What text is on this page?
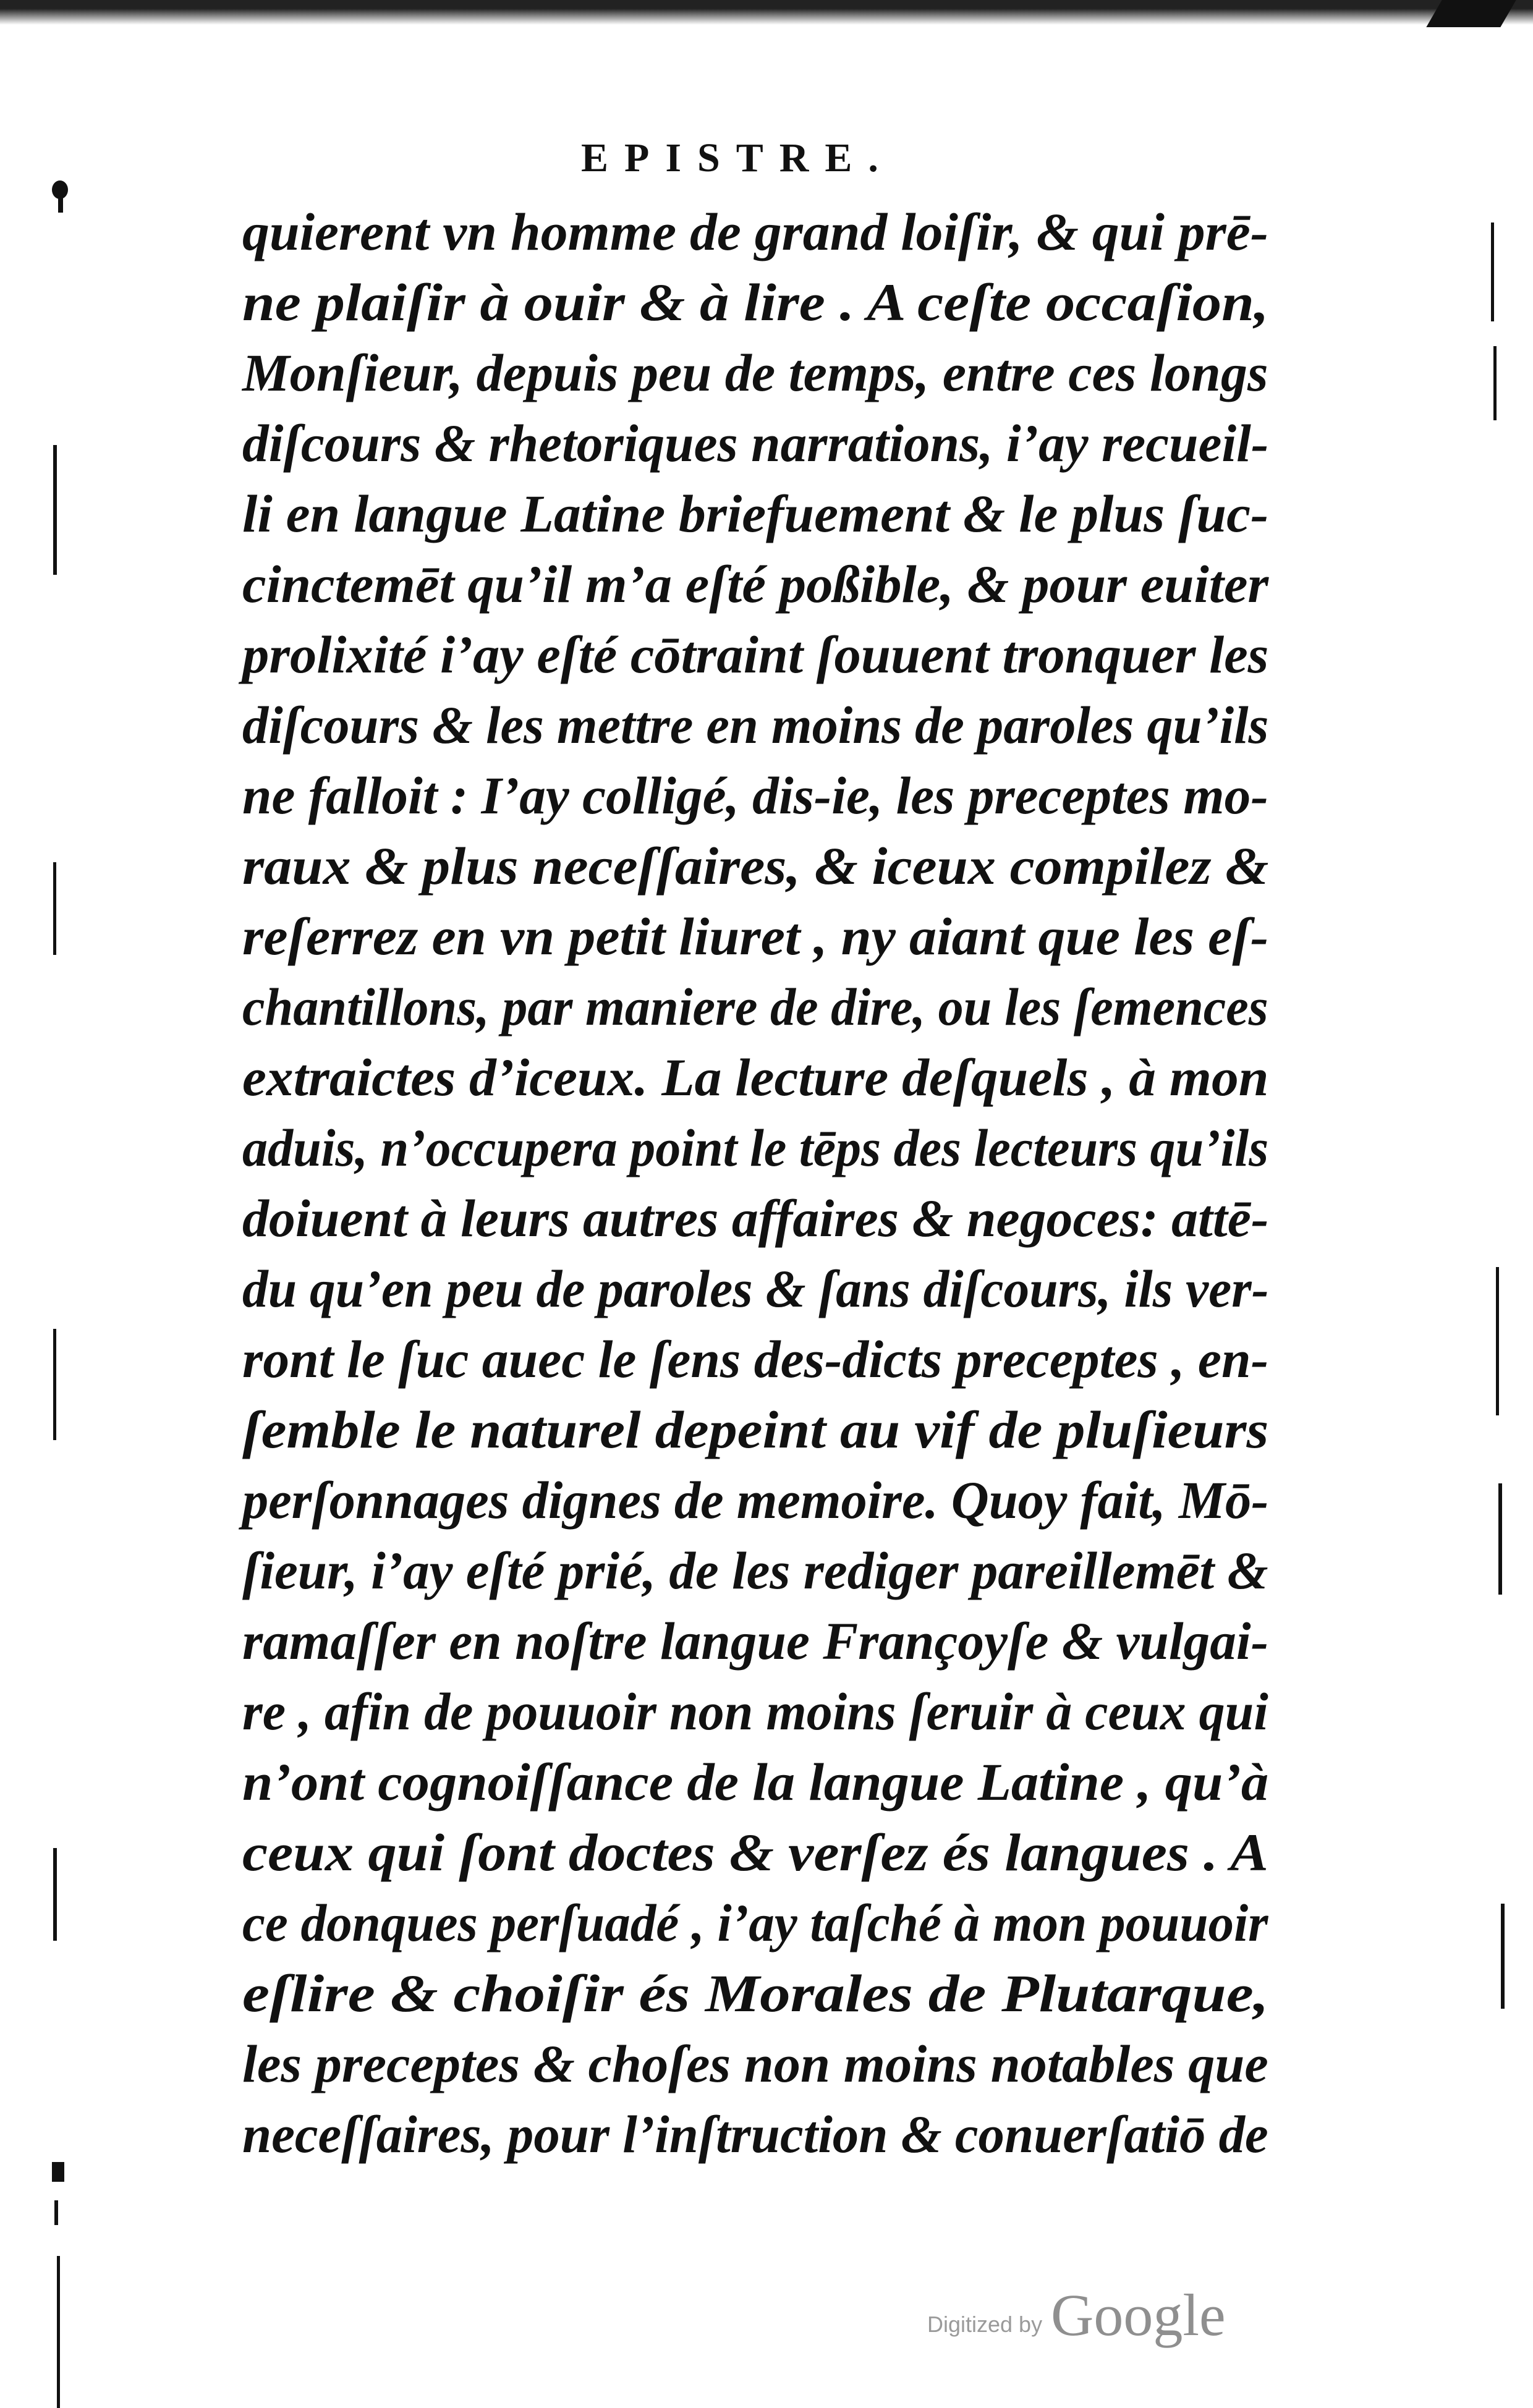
EPISTRE.
quierent vn homme de grand loiſir, & qui prē-
ne plaiſir à ouir & à lire . A ceſte occaſion,
Monſieur, depuis peu de temps, entre ces longs
diſcours & rhetoriques narrations, i’ay recueil-
li en langue Latine briefuement & le plus ſuc-
cinctemēt qu’il m’a eſté poßible, & pour euiter
prolixité i’ay eſté cōtraint ſouuent tronquer les
diſcours & les mettre en moins de paroles qu’ils
ne falloit : I’ay colligé, dis-ie, les preceptes mo-
raux & plus neceſſaires, & iceux compilez &
reſerrez en vn petit liuret , ny aiant que les eſ-
chantillons, par maniere de dire, ou les ſemences
extraictes d’iceux. La lecture deſquels , à mon
aduis, n’occupera point le tēps des lecteurs qu’ils
doiuent à leurs autres affaires & negoces: attē-
du qu’en peu de paroles & ſans diſcours, ils ver-
ront le ſuc auec le ſens des-dicts preceptes , en-
ſemble le naturel depeint au vif de pluſieurs
perſonnages dignes de memoire. Quoy fait, Mō-
ſieur, i’ay eſté prié, de les rediger pareillemēt &
ramaſſer en noſtre langue Françoyſe & vulgai-
re , afin de pouuoir non moins ſeruir à ceux qui
n’ont cognoiſſance de la langue Latine , qu’à
ceux qui ſont doctes & verſez és langues . A
ce donques perſuadé , i’ay taſché à mon pouuoir
eſlire & choiſir és Morales de Plutarque,
les preceptes & choſes non moins notables que
neceſſaires, pour l’inſtruction & conuerſatiō de
Digitized by Google
